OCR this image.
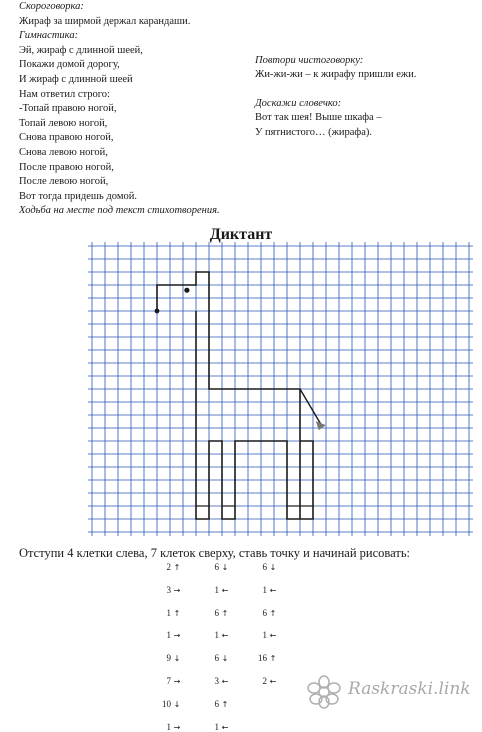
Скороговорка:
Жираф за ширмой держал карандаши.
Гимнастика:
Эй, жираф с длинной шеей,
Покажи домой дорогу,
И жираф с длинной шеей
Нам ответил строго:
-Топай правою ногой,
Топай левою ногой,
Снова правою ногой,
Снова левою ногой,
После правою ногой,
После левою ногой,
Вот тогда придешь домой.
Ходьба на месте под текст стихотворения.
Повтори чистоговорку:
Жи-жи-жи – к жирафу пришли ежи.
Доскажи словечко:
Вот так шея! Выше шкафа –
У пятнистого… (жирафа).
Диктант
Отступи 4 клетки слева, 7 клеток сверху, ставь точку и начинай рисовать:
2 ↑
3 →
1 ↑
1 →
9 ↓
7 →
10 ↓
1 →
6 ↓
1 ←
6 ↑
1 ←
6 ↓
3 ←
6 ↑
1 ←
6 ↓
1 ←
6 ↑
1 ←
16 ↑
2 ←	Raskraski.link
